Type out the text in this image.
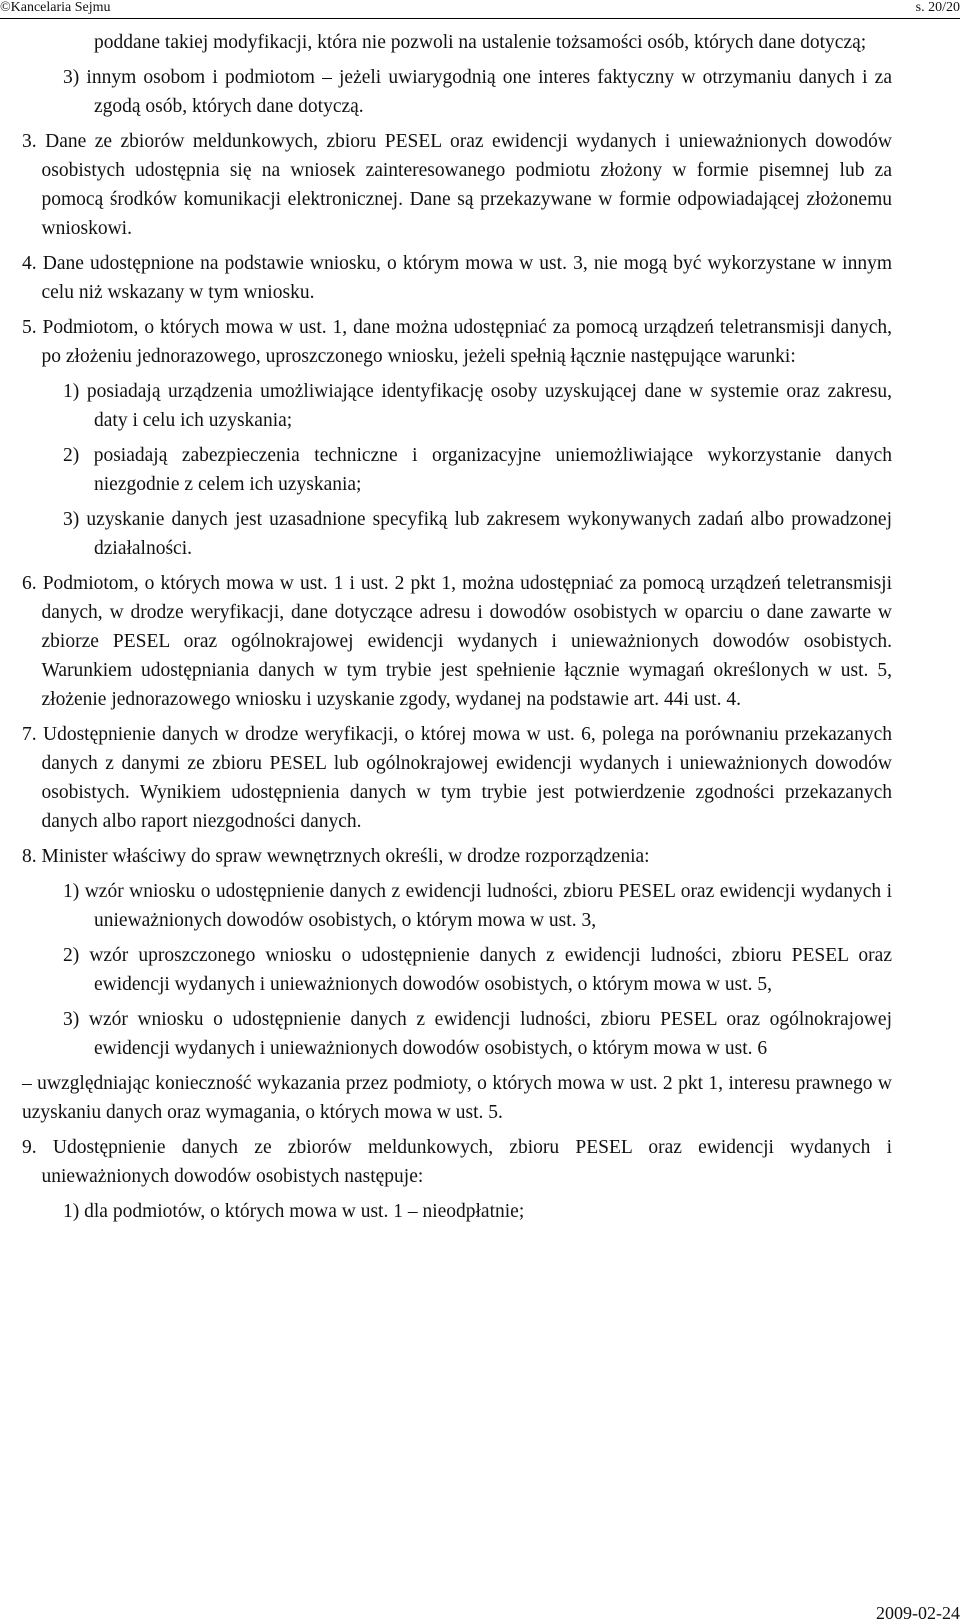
©Kancelaria Sejmu	s. 20/20
poddane takiej modyfikacji, która nie pozwoli na ustalenie tożsamości osób, których dane dotyczą;
3) innym osobom i podmiotom – jeżeli uwiarygodnią one interes faktyczny w otrzymaniu danych i za zgodą osób, których dane dotyczą.
3. Dane ze zbiorów meldunkowych, zbioru PESEL oraz ewidencji wydanych i unieważnionych dowodów osobistych udostępnia się na wniosek zainteresowanego podmiotu złożony w formie pisemnej lub za pomocą środków komunikacji elektronicznej. Dane są przekazywane w formie odpowiadającej złożonemu wnioskowi.
4. Dane udostępnione na podstawie wniosku, o którym mowa w ust. 3, nie mogą być wykorzystane w innym celu niż wskazany w tym wniosku.
5. Podmiotom, o których mowa w ust. 1, dane można udostępniać za pomocą urządzeń teletransmisji danych, po złożeniu jednorazowego, uproszczonego wniosku, jeżeli spełnią łącznie następujące warunki:
1) posiadają urządzenia umożliwiające identyfikację osoby uzyskującej dane w systemie oraz zakresu, daty i celu ich uzyskania;
2) posiadają zabezpieczenia techniczne i organizacyjne uniemożliwiające wykorzystanie danych niezgodnie z celem ich uzyskania;
3) uzyskanie danych jest uzasadnione specyfiką lub zakresem wykonywanych zadań albo prowadzonej działalności.
6. Podmiotom, o których mowa w ust. 1 i ust. 2 pkt 1, można udostępniać za pomocą urządzeń teletransmisji danych, w drodze weryfikacji, dane dotyczące adresu i dowodów osobistych w oparciu o dane zawarte w zbiorze PESEL oraz ogólnokrajowej ewidencji wydanych i unieważnionych dowodów osobistych. Warunkiem udostępniania danych w tym trybie jest spełnienie łącznie wymagań określonych w ust. 5, złożenie jednorazowego wniosku i uzyskanie zgody, wydanej na podstawie art. 44i ust. 4.
7. Udostępnienie danych w drodze weryfikacji, o której mowa w ust. 6, polega na porównaniu przekazanych danych z danymi ze zbioru PESEL lub ogólnokrajowej ewidencji wydanych i unieważnionych dowodów osobistych. Wynikiem udostępnienia danych w tym trybie jest potwierdzenie zgodności przekazanych danych albo raport niezgodności danych.
8. Minister właściwy do spraw wewnętrznych określi, w drodze rozporządzenia:
1) wzór wniosku o udostępnienie danych z ewidencji ludności, zbioru PESEL oraz ewidencji wydanych i unieważnionych dowodów osobistych, o którym mowa w ust. 3,
2) wzór uproszczonego wniosku o udostępnienie danych z ewidencji ludności, zbioru PESEL oraz ewidencji wydanych i unieważnionych dowodów osobistych, o którym mowa w ust. 5,
3) wzór wniosku o udostępnienie danych z ewidencji ludności, zbioru PESEL oraz ogólnokrajowej ewidencji wydanych i unieważnionych dowodów osobistych, o którym mowa w ust. 6
– uwzględniając konieczność wykazania przez podmioty, o których mowa w ust. 2 pkt 1, interesu prawnego w uzyskaniu danych oraz wymagania, o których mowa w ust. 5.
9. Udostępnienie danych ze zbiorów meldunkowych, zbioru PESEL oraz ewidencji wydanych i unieważnionych dowodów osobistych następuje:
1) dla podmiotów, o których mowa w ust. 1 – nieodpłatnie;
2009-02-24
